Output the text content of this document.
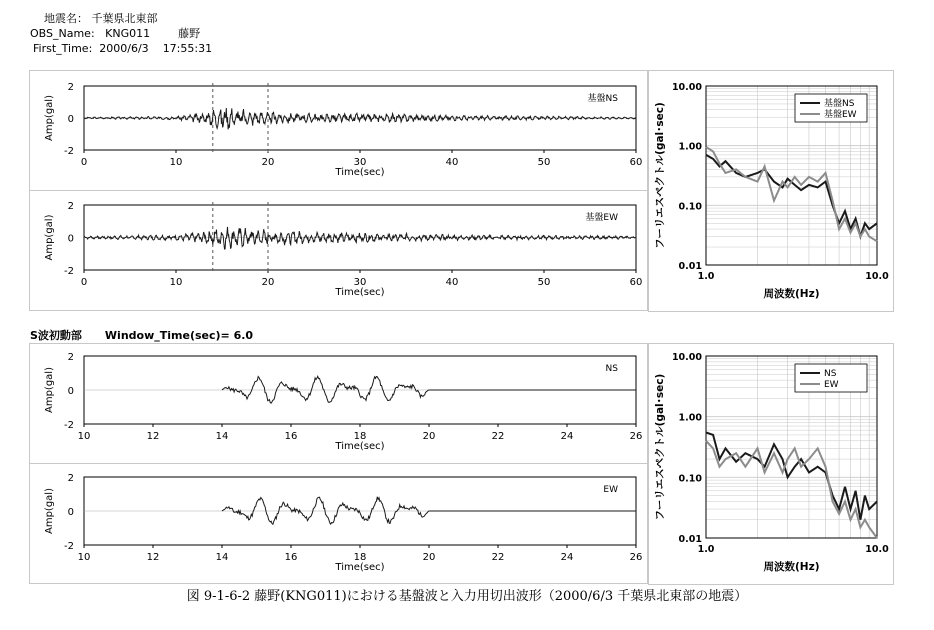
地震名： 千葉県北東部
OBS_Name: KNG011	藤野
First_Time: 2000/6/3 17:55:31
S波初動部 Window_Time(sec)= 6.0
2
0
-2
0	10	20	30	40	50	60
Time(sec)
Amp(gal)	基盤NS
2
0
-2
0	10	20	30	40	50	60
Time(sec)
Amp(gal)	基盤EW
10.00
1.00
0.10
0.01
1.0	10.0
周波数(Hz)
フーリエスペクトル(gal･sec)	基盤NS
基盤EW
2
0
-2
10	12	14	16	18	20	22	24	26
Time(sec)
Amp(gal)	NS
2
0
-2
10	12	14	16	18	20	22	24	26
Time(sec)
Amp(gal)	EW
10.00
1.00
0.10
0.01
1.0	10.0
周波数(Hz)
フーリエスペクトル(gal･sec)	NS
EW
図 9-1-6-2 藤野(KNG011)における基盤波と入力用切出波形（2000/6/3 千葉県北東部の地震）
